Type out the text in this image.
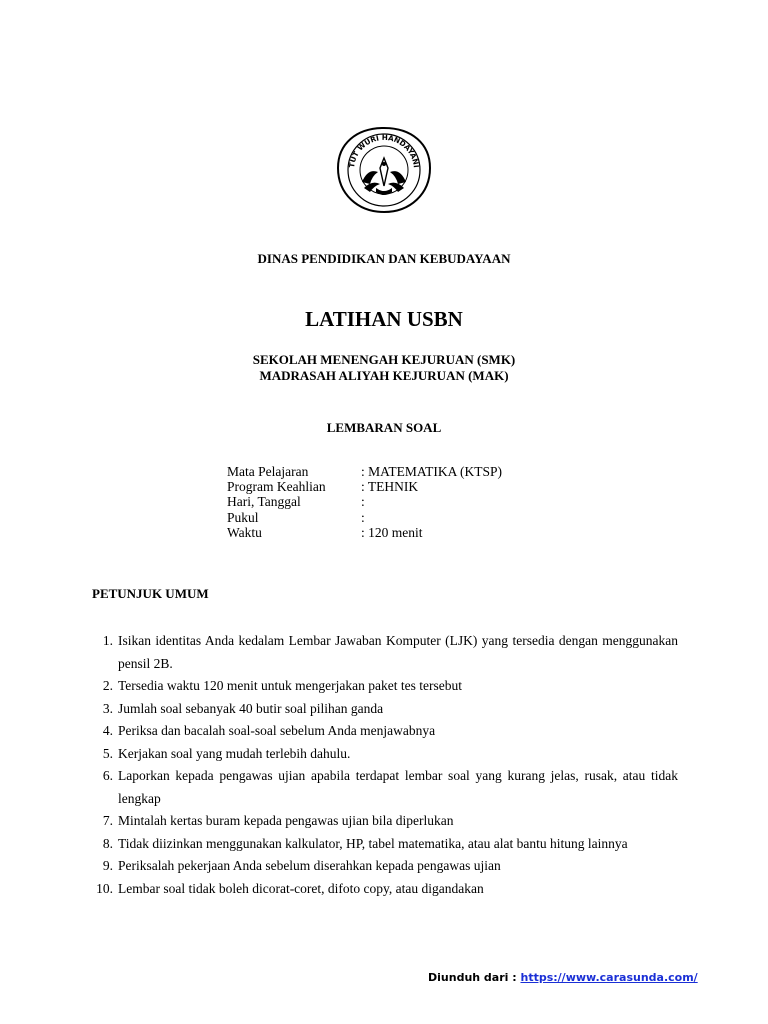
TUT WURI HANDAYANI
DINAS PENDIDIKAN DAN KEBUDAYAAN
LATIHAN USBN
SEKOLAH MENENGAH KEJURUAN (SMK)
MADRASAH ALIYAH KEJURUAN (MAK)
LEMBARAN SOAL
Mata Pelajaran	: MATEMATIKA (KTSP)
Program Keahlian	: TEHNIK
Hari, Tanggal	:
Pukul	:
Waktu	: 120 menit
PETUNJUK UMUM
1. Isikan identitas Anda kedalam Lembar Jawaban Komputer (LJK) yang tersedia dengan menggunakan pensil 2B.
2. Tersedia waktu 120 menit untuk mengerjakan paket tes tersebut
3. Jumlah soal sebanyak 40 butir soal pilihan ganda
4. Periksa dan bacalah soal-soal sebelum Anda menjawabnya
5. Kerjakan soal yang mudah terlebih dahulu.
6. Laporkan kepada pengawas ujian apabila terdapat lembar soal yang kurang jelas, rusak, atau tidak lengkap
7. Mintalah kertas buram kepada pengawas ujian bila diperlukan
8. Tidak diizinkan menggunakan kalkulator, HP, tabel matematika, atau alat bantu hitung lainnya
9. Periksalah pekerjaan Anda sebelum diserahkan kepada pengawas ujian
10. Lembar soal tidak boleh dicorat-coret, difoto copy, atau digandakan
Diunduh dari : https://www.carasunda.com/
